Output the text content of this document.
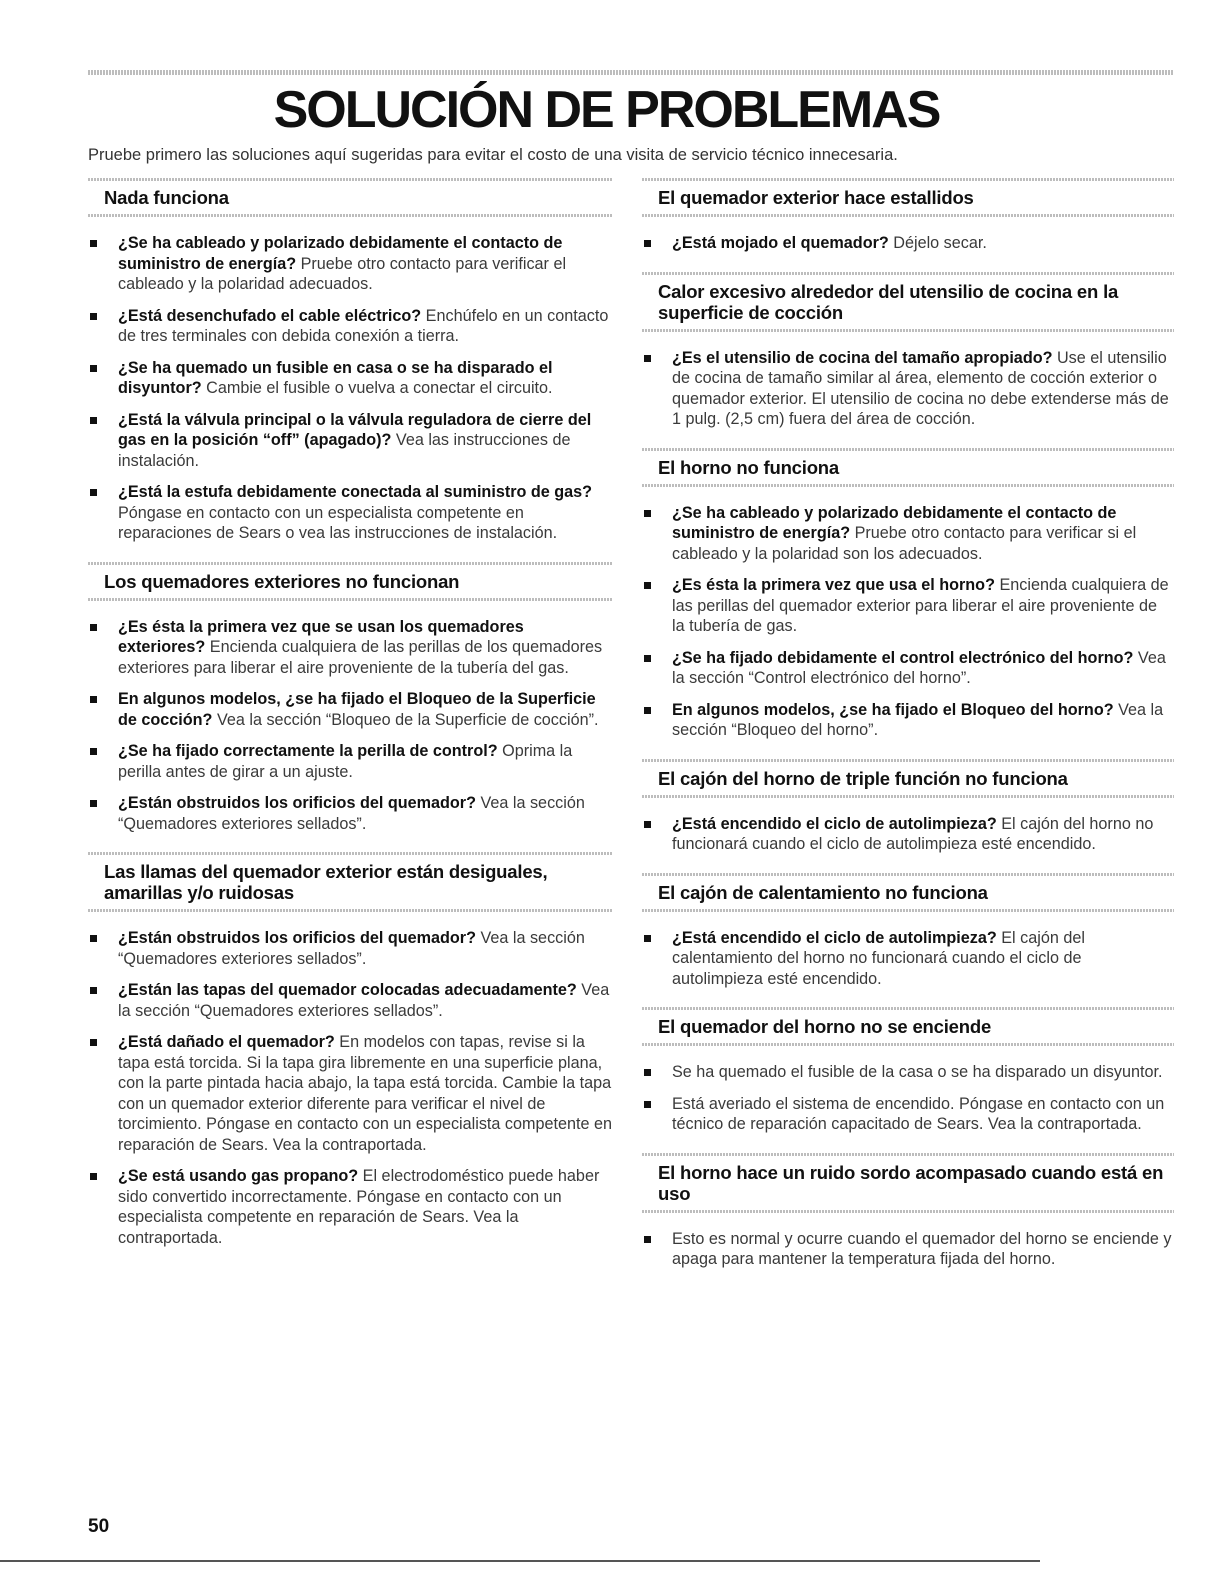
SOLUCIÓN DE PROBLEMAS

Pruebe primero las soluciones aquí sugeridas para evitar el costo de una visita de servicio técnico innecesaria.

Nada funciona
¿Se ha cableado y polarizado debidamente el contacto de suministro de energía? Pruebe otro contacto para verificar el cableado y la polaridad adecuados.
¿Está desenchufado el cable eléctrico? Enchúfelo en un contacto de tres terminales con debida conexión a tierra.
¿Se ha quemado un fusible en casa o se ha disparado el disyuntor? Cambie el fusible o vuelva a conectar el circuito.
¿Está la válvula principal o la válvula reguladora de cierre del gas en la posición “off” (apagado)? Vea las instrucciones de instalación.
¿Está la estufa debidamente conectada al suministro de gas? Póngase en contacto con un especialista competente en reparaciones de Sears o vea las instrucciones de instalación.
Los quemadores exteriores no funcionan
¿Es ésta la primera vez que se usan los quemadores exteriores? Encienda cualquiera de las perillas de los quemadores exteriores para liberar el aire proveniente de la tubería del gas.
En algunos modelos, ¿se ha fijado el Bloqueo de la Superficie de cocción? Vea la sección “Bloqueo de la Superficie de cocción”.
¿Se ha fijado correctamente la perilla de control? Oprima la perilla antes de girar a un ajuste.
¿Están obstruidos los orificios del quemador? Vea la sección “Quemadores exteriores sellados”.
Las llamas del quemador exterior están desiguales, amarillas y/o ruidosas
¿Están obstruidos los orificios del quemador? Vea la sección “Quemadores exteriores sellados”.
¿Están las tapas del quemador colocadas adecuadamente? Vea la sección “Quemadores exteriores sellados”.
¿Está dañado el quemador? En modelos con tapas, revise si la tapa está torcida. Si la tapa gira libremente en una superficie plana, con la parte pintada hacia abajo, la tapa está torcida. Cambie la tapa con un quemador exterior diferente para verificar el nivel de torcimiento. Póngase en contacto con un especialista competente en reparación de Sears. Vea la contraportada.
¿Se está usando gas propano? El electrodoméstico puede haber sido convertido incorrectamente. Póngase en contacto con un especialista competente en reparación de Sears. Vea la contraportada.
El quemador exterior hace estallidos
¿Está mojado el quemador? Déjelo secar.
Calor excesivo alrededor del utensilio de cocina en la superficie de cocción
¿Es el utensilio de cocina del tamaño apropiado? Use el utensilio de cocina de tamaño similar al área, elemento de cocción exterior o quemador exterior. El utensilio de cocina no debe extenderse más de 1 pulg. (2,5 cm) fuera del área de cocción.
El horno no funciona
¿Se ha cableado y polarizado debidamente el contacto de suministro de energía? Pruebe otro contacto para verificar si el cableado y la polaridad son los adecuados.
¿Es ésta la primera vez que usa el horno? Encienda cualquiera de las perillas del quemador exterior para liberar el aire proveniente de la tubería de gas.
¿Se ha fijado debidamente el control electrónico del horno? Vea la sección “Control electrónico del horno”.
En algunos modelos, ¿se ha fijado el Bloqueo del horno? Vea la sección “Bloqueo del horno”.
El cajón del horno de triple función no funciona
¿Está encendido el ciclo de autolimpieza? El cajón del horno no funcionará cuando el ciclo de autolimpieza esté encendido.
El cajón de calentamiento no funciona
¿Está encendido el ciclo de autolimpieza? El cajón del calentamiento del horno no funcionará cuando el ciclo de autolimpieza esté encendido.
El quemador del horno no se enciende
Se ha quemado el fusible de la casa o se ha disparado un disyuntor.
Está averiado el sistema de encendido. Póngase en contacto con un técnico de reparación capacitado de Sears. Vea la contraportada.
El horno hace un ruido sordo acompasado cuando está en uso
Esto es normal y ocurre cuando el quemador del horno se enciende y apaga para mantener la temperatura fijada del horno.
50
